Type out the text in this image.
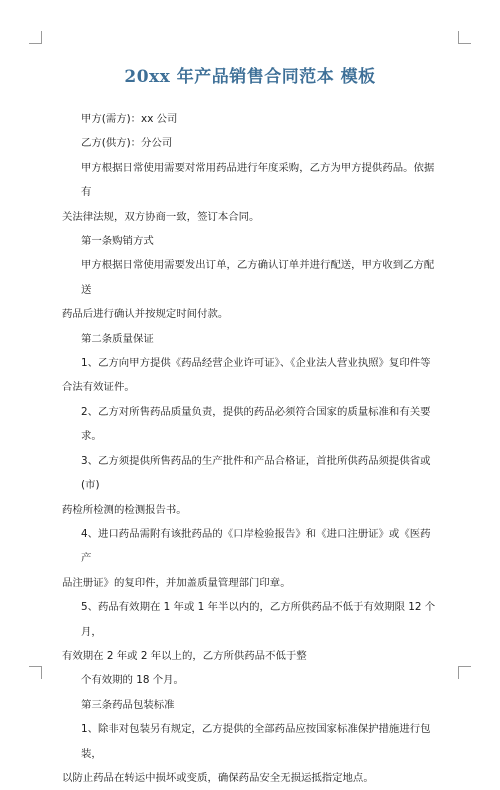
20xx 年产品销售合同范本 模板

甲方(需方)：xx 公司

乙方(供方)：分公司

甲方根据日常使用需要对常用药品进行年度采购，乙方为甲方提供药品。依据有

关法律法规，双方协商一致，签订本合同。

第一条购销方式

甲方根据日常使用需要发出订单，乙方确认订单并进行配送，甲方收到乙方配送

药品后进行确认并按规定时间付款。

第二条质量保证

1、乙方向甲方提供《药品经营企业许可证》、《企业法人营业执照》复印件等

合法有效证件。

2、乙方对所售药品质量负责，提供的药品必须符合国家的质量标准和有关要求。

3、乙方须提供所售药品的生产批件和产品合格证，首批所供药品须提供省或(市)

药检所检测的检测报告书。

4、进口药品需附有该批药品的《口岸检验报告》和《进口注册证》或《医药产

品注册证》的复印件，并加盖质量管理部门印章。

5、药品有效期在 1 年或 1 年半以内的，乙方所供药品不低于有效期限 12 个月，

有效期在 2 年或 2 年以上的，乙方所供药品不低于整

个有效期的 18 个月。

第三条药品包装标准

1、除非对包装另有规定，乙方提供的全部药品应按国家标准保护措施进行包装，

以防止药品在转运中损坏或变质，确保药品安全无损运抵指定地点。
